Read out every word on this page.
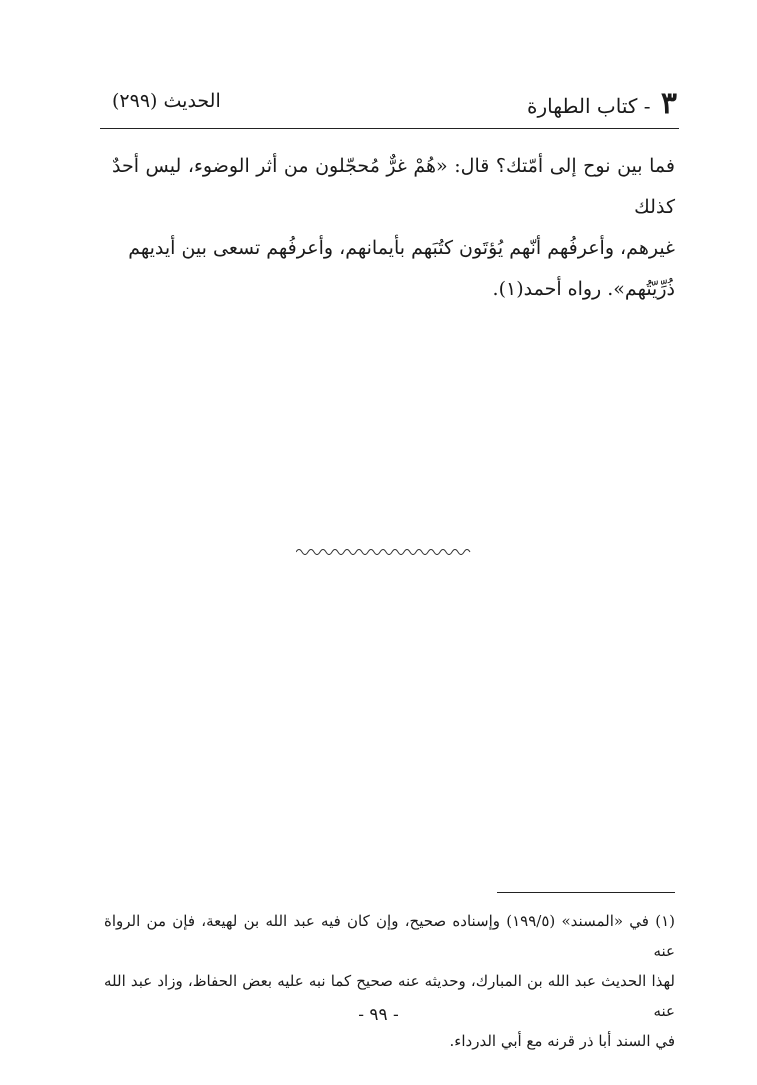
٣ - كتاب الطهارة
الحديث (٢٩٩)

فما بين نوح إلى أمّتك؟ قال: «هُمْ غرٌّ مُحجّلون من أثر الوضوء، ليس أحدٌ كذلك

غيرهم، وأعرفُهم أنّهم يُؤتَون كتُبَهم بأيمانهم، وأعرفُهم تسعى بين أيديهم

ذُرِّيّتُهم». رواه أحمد(١).

(١) في «المسند» (١٩٩/٥) وإسناده صحيح، وإن كان فيه عبد الله بن لهيعة، فإن من الرواة عنه

لهذا الحديث عبد الله بن المبارك، وحديثه عنه صحيح كما نبه عليه بعض الحفاظ، وزاد عبد الله عنه

في السند أبا ذر قرنه مع أبي الدرداء.

- ٩٩ -
